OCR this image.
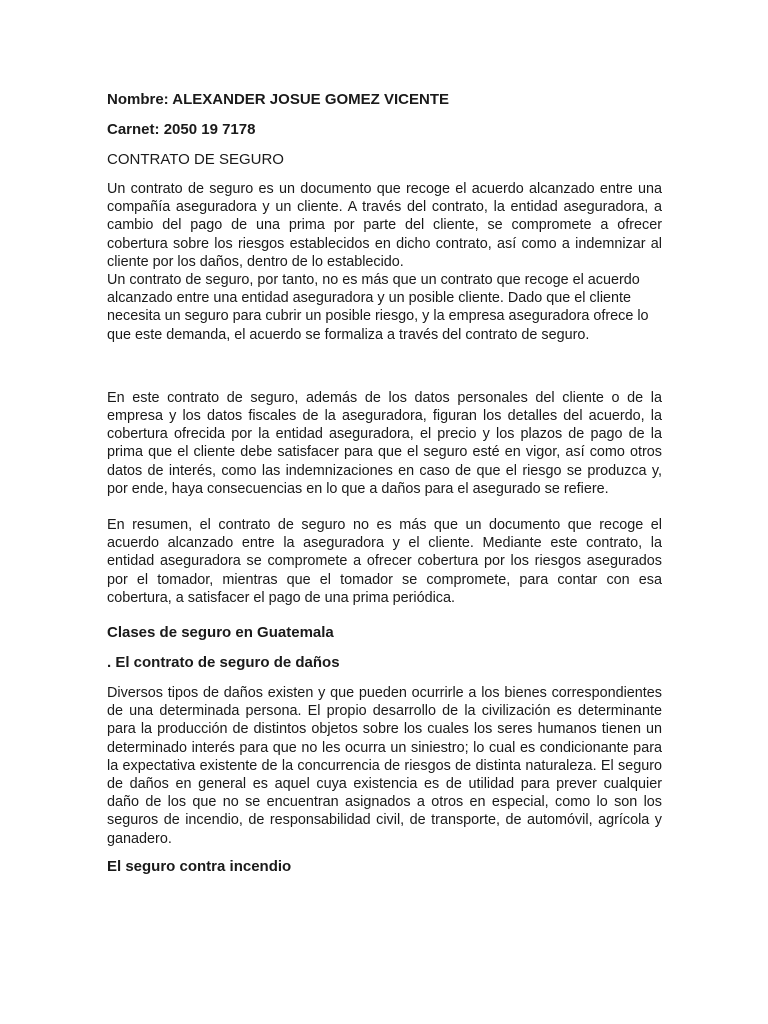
Nombre: ALEXANDER JOSUE GOMEZ VICENTE
Carnet: 2050 19 7178
CONTRATO DE SEGURO

Un contrato de seguro es un documento que recoge el acuerdo alcanzado entre una compañía aseguradora y un cliente. A través del contrato, la entidad aseguradora, a cambio del pago de una prima por parte del cliente, se compromete a ofrecer cobertura sobre los riesgos establecidos en dicho contrato, así como a indemnizar al cliente por los daños, dentro de lo establecido.

Un contrato de seguro, por tanto, no es más que un contrato que recoge el acuerdo alcanzado entre una entidad aseguradora y un posible cliente. Dado que el cliente necesita un seguro para cubrir un posible riesgo, y la empresa aseguradora ofrece lo que este demanda, el acuerdo se formaliza a través del contrato de seguro.

En este contrato de seguro, además de los datos personales del cliente o de la empresa y los datos fiscales de la aseguradora, figuran los detalles del acuerdo, la cobertura ofrecida por la entidad aseguradora, el precio y los plazos de pago de la prima que el cliente debe satisfacer para que el seguro esté en vigor, así como otros datos de interés, como las indemnizaciones en caso de que el riesgo se produzca y, por ende, haya consecuencias en lo que a daños para el asegurado se refiere.

En resumen, el contrato de seguro no es más que un documento que recoge el acuerdo alcanzado entre la aseguradora y el cliente. Mediante este contrato, la entidad aseguradora se compromete a ofrecer cobertura por los riesgos asegurados por el tomador, mientras que el tomador se compromete, para contar con esa cobertura, a satisfacer el pago de una prima periódica.

Clases de seguro en Guatemala
. El contrato de seguro de daños

Diversos tipos de daños existen y que pueden ocurrirle a los bienes correspondientes de una determinada persona. El propio desarrollo de la civilización es determinante para la producción de distintos objetos sobre los cuales los seres humanos tienen un determinado interés para que no les ocurra un siniestro; lo cual es condicionante para la expectativa existente de la concurrencia de riesgos de distinta naturaleza. El seguro de daños en general es aquel cuya existencia es de utilidad para prever cualquier daño de los que no se encuentran asignados a otros en especial, como lo son los seguros de incendio, de responsabilidad civil, de transporte, de automóvil, agrícola y ganadero.

El seguro contra incendio
